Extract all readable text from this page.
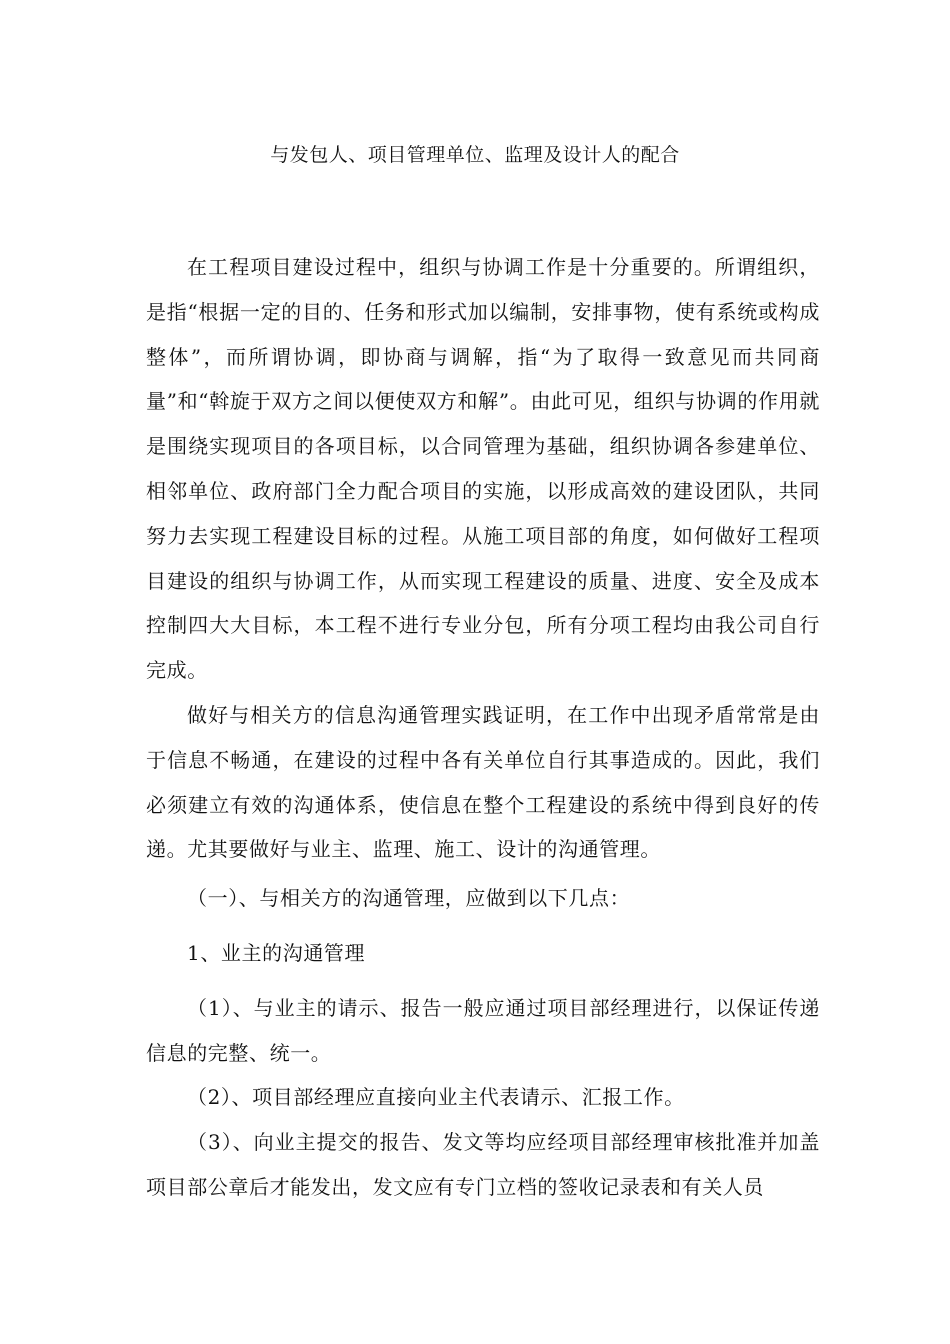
与发包人、项目管理单位、监理及设计人的配合

在工程项目建设过程中，组织与协调工作是十分重要的。所谓组织，是指“根据一定的目的、任务和形式加以编制，安排事物，使有系统或构成整体”，而所谓协调，即协商与调解，指“为了取得一致意见而共同商量”和“斡旋于双方之间以便使双方和解”。由此可见，组织与协调的作用就是围绕实现项目的各项目标，以合同管理为基础，组织协调各参建单位、相邻单位、政府部门全力配合项目的实施，以形成高效的建设团队，共同努力去实现工程建设目标的过程。从施工项目部的角度，如何做好工程项目建设的组织与协调工作，从而实现工程建设的质量、进度、安全及成本控制四大大目标，本工程不进行专业分包，所有分项工程均由我公司自行完成。

做好与相关方的信息沟通管理实践证明，在工作中出现矛盾常常是由于信息不畅通，在建设的过程中各有关单位自行其事造成的。因此，我们必须建立有效的沟通体系，使信息在整个工程建设的系统中得到良好的传递。尤其要做好与业主、监理、施工、设计的沟通管理。

（一）、与相关方的沟通管理，应做到以下几点：

1、业主的沟通管理

（1）、与业主的请示、报告一般应通过项目部经理进行，以保证传递信息的完整、统一。

（2）、项目部经理应直接向业主代表请示、汇报工作。

（3）、向业主提交的报告、发文等均应经项目部经理审核批准并加盖项目部公章后才能发出，发文应有专门立档的签收记录表和有关人员
